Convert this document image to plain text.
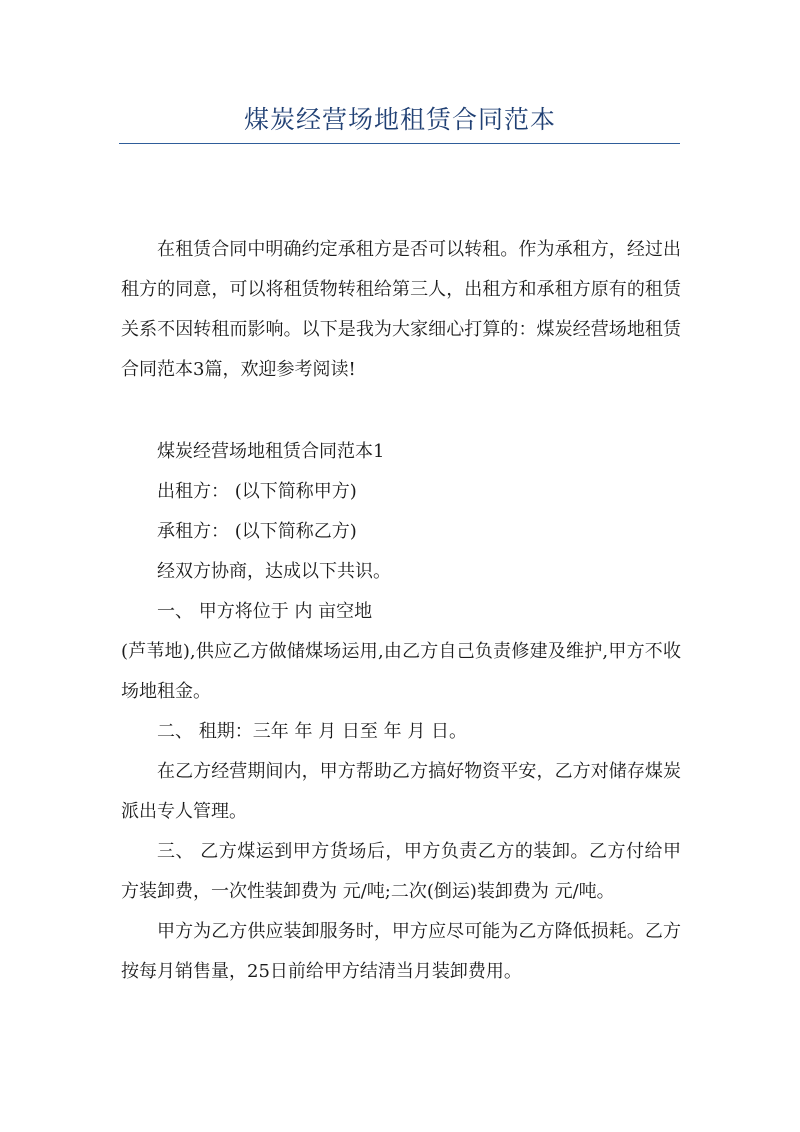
煤炭经营场地租赁合同范本

在租赁合同中明确约定承租方是否可以转租。作为承租方，经过出租方的同意，可以将租赁物转租给第三人，出租方和承租方原有的租赁关系不因转租而影响。以下是我为大家细心打算的：煤炭经营场地租赁合同范本3篇，欢迎参考阅读!

煤炭经营场地租赁合同范本1

出租方： (以下简称甲方)

承租方： (以下简称乙方)

经双方协商，达成以下共识。

一、 甲方将位于 内 亩空地

(芦苇地),供应乙方做储煤场运用,由乙方自己负责修建及维护,甲方不收场地租金。

二、 租期：三年 年 月 日至 年 月 日。

在乙方经营期间内，甲方帮助乙方搞好物资平安，乙方对储存煤炭派出专人管理。

三、 乙方煤运到甲方货场后，甲方负责乙方的装卸。乙方付给甲方装卸费，一次性装卸费为 元/吨;二次(倒运)装卸费为 元/吨。

甲方为乙方供应装卸服务时，甲方应尽可能为乙方降低损耗。乙方按每月销售量，25日前给甲方结清当月装卸费用。
